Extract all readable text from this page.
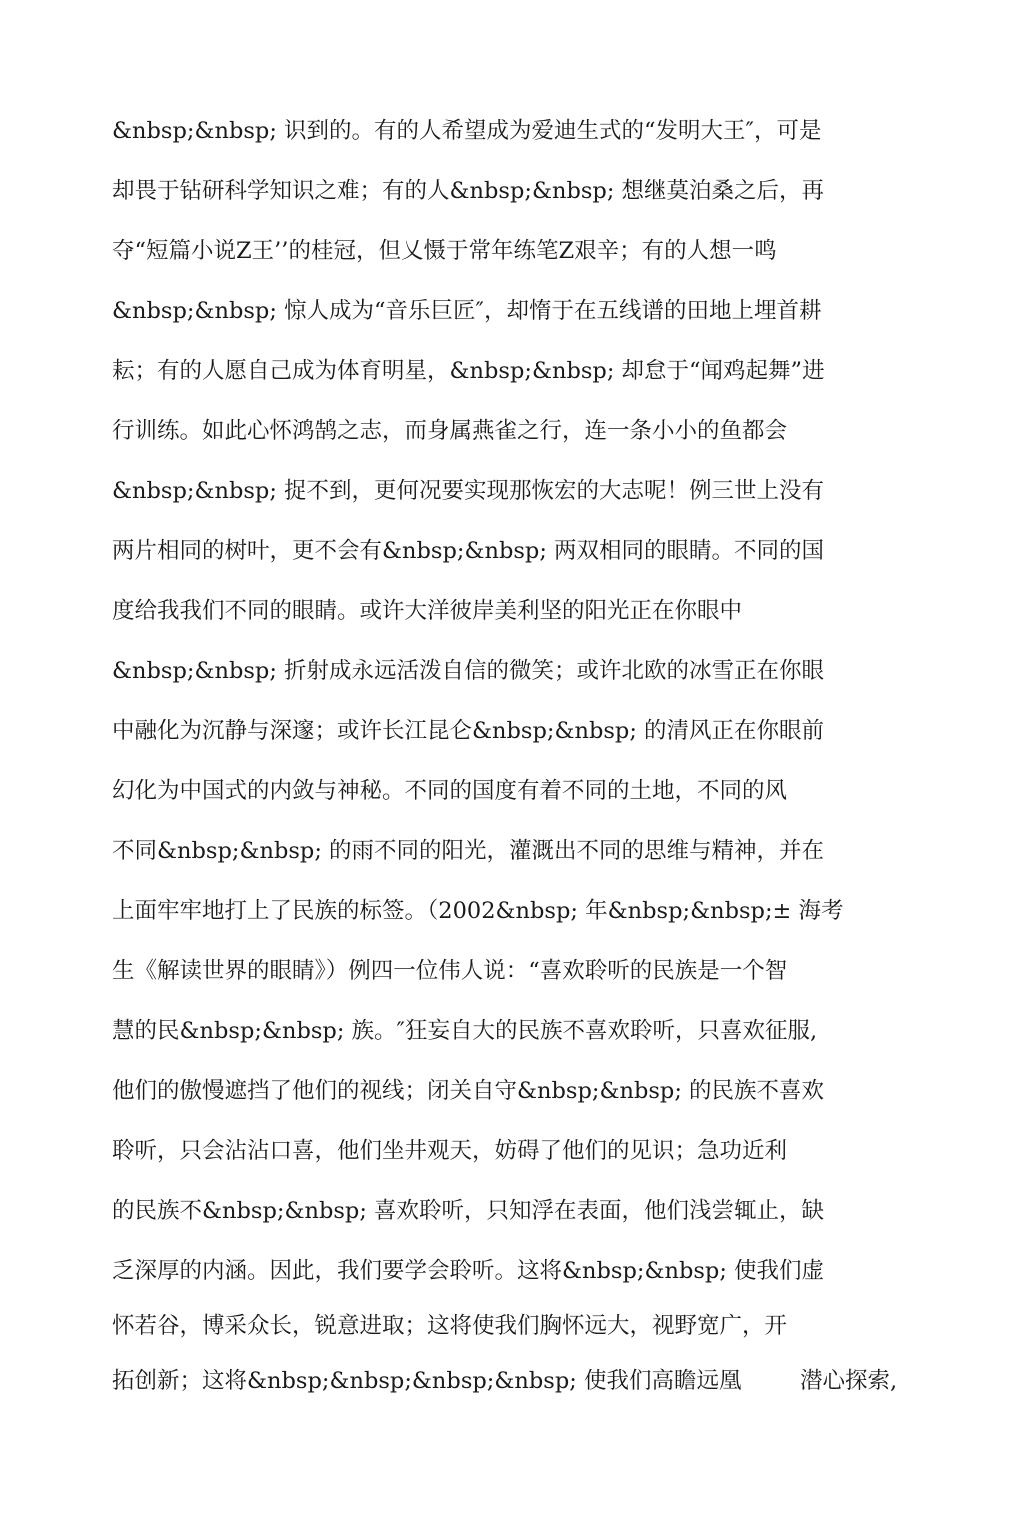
&nbsp;&nbsp; 识到的。有的人希望成为爱迪生式的“发明大王″，可是

却畏于钻研科学知识之难；有的人&nbsp;&nbsp; 想继莫泊桑之后，再

夺“短篇小说Z王’’的桂冠，但乂慑于常年练笔Z艰辛；有的人想一鸣

&nbsp;&nbsp; 惊人成为“音乐巨匠″，却惰于在五线谱的田地上埋首耕

耘；有的人愿自己成为体育明星，&nbsp;&nbsp; 却怠于“闻鸡起舞”进

行训练。如此心怀鸿鹄之志，而身属燕雀之行，连一条小小的鱼都会

&nbsp;&nbsp; 捉不到，更何况要实现那恢宏的大志呢！例三世上没有

两片相同的树叶，更不会有&nbsp;&nbsp; 两双相同的眼睛。不同的国

度给我我们不同的眼睛。或许大洋彼岸美利坚的阳光正在你眼中

&nbsp;&nbsp; 折射成永远活泼自信的微笑；或许北欧的冰雪正在你眼

中融化为沉静与深邃；或许长江昆仑&nbsp;&nbsp; 的清风正在你眼前

幻化为中国式的内敛与神秘。不同的国度有着不同的土地，不同的风

不同&nbsp;&nbsp; 的雨不同的阳光，灌溉出不同的思维与精神，并在

上面牢牢地打上了民族的标签。（2002&nbsp; 年&nbsp;&nbsp;± 海考

生《解读世界的眼睛》）例四一位伟人说：“喜欢聆听的民族是一个智

慧的民&nbsp;&nbsp; 族。″狂妄自大的民族不喜欢聆听，只喜欢征服,

他们的傲慢遮挡了他们的视线；闭关自守&nbsp;&nbsp; 的民族不喜欢

聆听，只会沾沾口喜，他们坐井观天，妨碍了他们的见识；急功近利

的民族不&nbsp;&nbsp; 喜欢聆听，只知浮在表面，他们浅尝辄止，缺

乏深厚的内涵。因此，我们要学会聆听。这将&nbsp;&nbsp; 使我们虚

怀若谷，博采众长，锐意进取；这将使我们胸怀远大，视野宽广，开

拓创新；这将&nbsp;&nbsp;&nbsp;&nbsp; 使我们高瞻远凰	潜心探索,
